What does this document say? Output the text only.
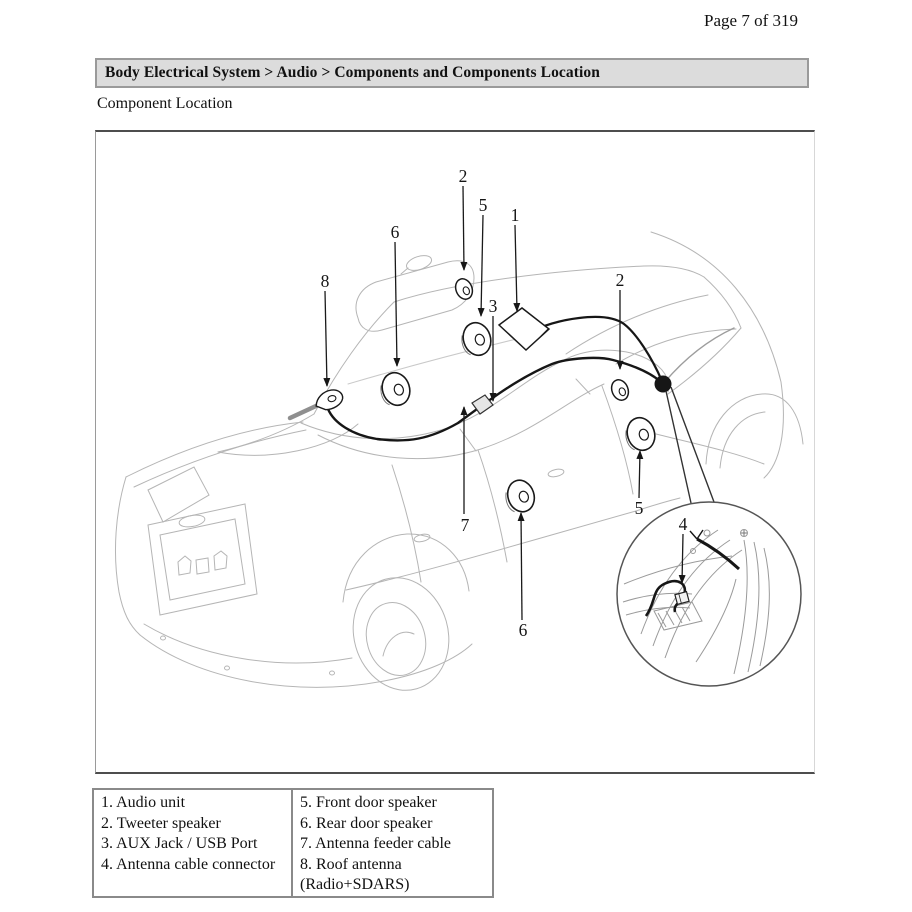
Page 7 of 319
Body Electrical System > Audio > Components and Components Location
Component Location
2
5 1
6
8	2
3
7
5
6
4
1. Audio unit
2. Tweeter speaker
3. AUX Jack / USB Port
4. Antenna cable connector
5. Front door speaker
6. Rear door speaker
7. Antenna feeder cable
8. Roof antenna
(Radio+SDARS)
